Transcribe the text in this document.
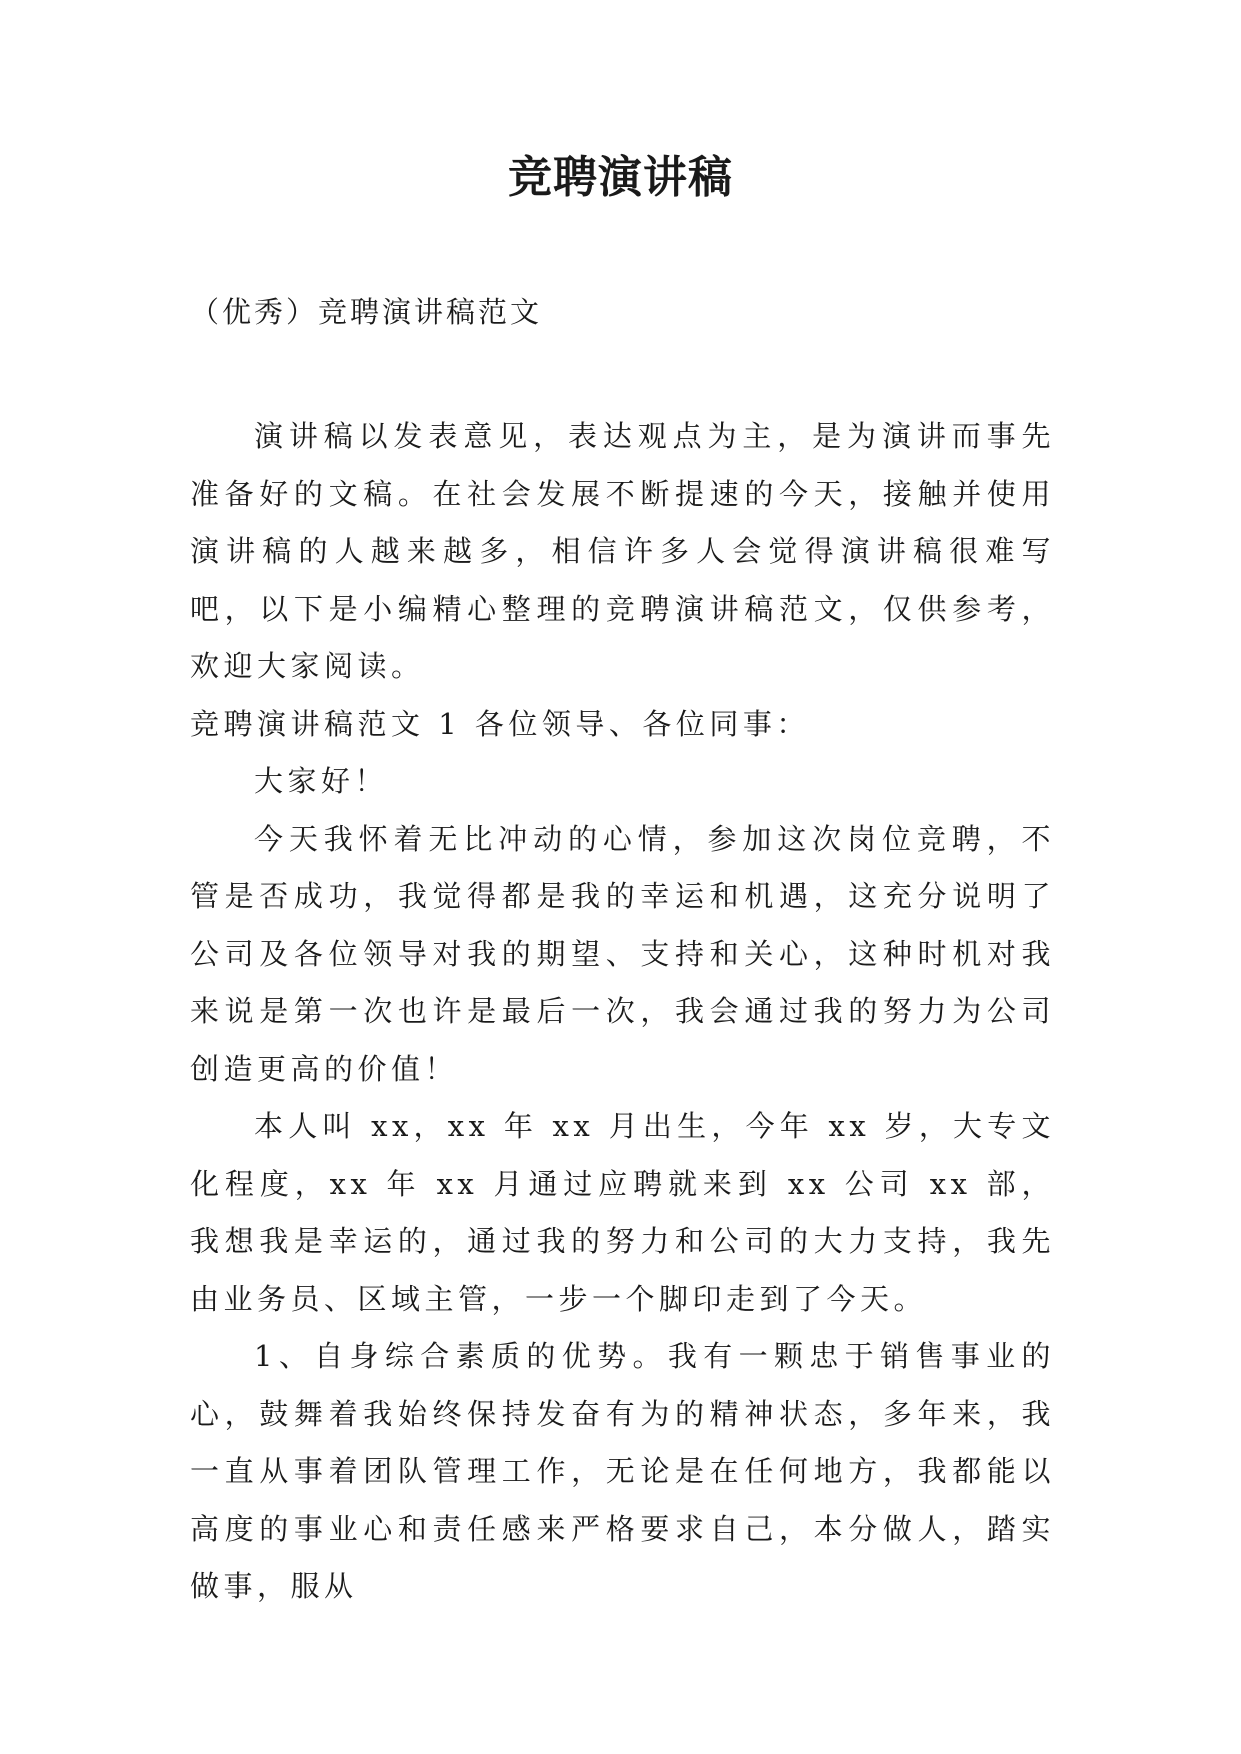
竞聘演讲稿
（优秀）竞聘演讲稿范文

演讲稿以发表意见，表达观点为主，是为演讲而事先准备好的文稿。在社会发展不断提速的今天，接触并使用演讲稿的人越来越多，相信许多人会觉得演讲稿很难写吧，以下是小编精心整理的竞聘演讲稿范文，仅供参考，欢迎大家阅读。

竞聘演讲稿范文 1 各位领导、各位同事：

大家好！

今天我怀着无比冲动的心情，参加这次岗位竞聘，不管是否成功，我觉得都是我的幸运和机遇，这充分说明了公司及各位领导对我的期望、支持和关心，这种时机对我来说是第一次也许是最后一次，我会通过我的努力为公司创造更高的价值！

本人叫 xx，xx 年 xx 月出生，今年 xx 岁，大专文化程度，xx 年 xx 月通过应聘就来到 xx 公司 xx 部，我想我是幸运的，通过我的努力和公司的大力支持，我先由业务员、区域主管，一步一个脚印走到了今天。

1、自身综合素质的优势。我有一颗忠于销售事业的心，鼓舞着我始终保持发奋有为的精神状态，多年来，我一直从事着团队管理工作，无论是在任何地方，我都能以高度的事业心和责任感来严格要求自己，本分做人，踏实做事，服从
